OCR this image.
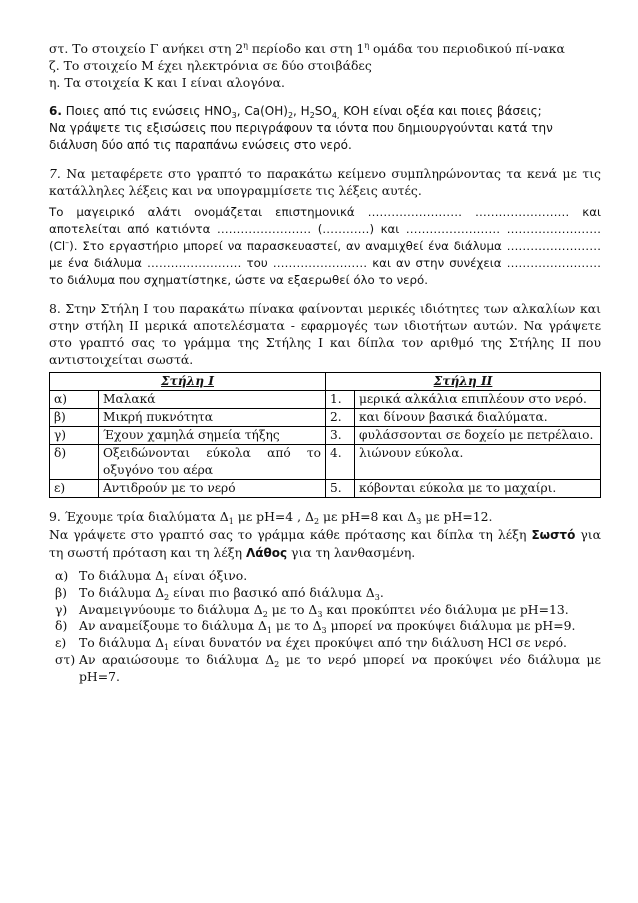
στ. Το στοιχείο Γ ανήκει στη $2^\eta$ περίοδο και στη $1^\eta$ ομάδα του περιοδικού πί-νακα

ζ. Το στοιχείο Μ έχει ηλεκτρόνια σε δύο στοιβάδες

η. Τα στοιχεία Κ και Ι είναι αλογόνα.

6. Ποιες από τις ενώσεις $HNO_3$, $Ca(OH)_2$, $H_2SO_{4,}$ KOH είναι οξέα και ποιες βάσεις;

Να γράψετε τις εξισώσεις που περιγράφουν τα ιόντα που δημιουργούνται κατά την διάλυση δύο από τις παραπάνω ενώσεις στο νερό.

7. Να μεταφέρετε στο γραπτό το παρακάτω κείμενο συμπληρώνοντας τα κενά με τις κατάλληλες λέξεις και να υπογραμμίσετε τις λέξεις αυτές.

Το μαγειρικό αλάτι ονομάζεται επιστημονικά …………………… …………………… και αποτελείται από κατιόντα …………………… (…………) και …………………… …………………… (Cl–). Στο εργαστήριο μπορεί να παρασκευαστεί, αν αναμιχθεί ένα διάλυμα …………………… με ένα διάλυμα …………………… του …………………… και αν στην συνέχεια …………………… το διάλυμα που σχηματίστηκε, ώστε να εξαερωθεί όλο το νερό.

8. Στην Στήλη Ι του παρακάτω πίνακα φαίνονται μερικές ιδιότητες των αλκαλίων και στην στήλη ΙΙ μερικά αποτελέσματα - εφαρμογές των ιδιοτήτων αυτών. Να γράψετε στο γραπτό σας το γράμμα της Στήλης Ι και δίπλα τον αριθμό της Στήλης ΙΙ που αντιστοιχείται σωστά.

Στήλη Ι		Στήλη ΙΙ	
α)	Μαλακά	1.	μερικά αλκάλια επιπλέουν στο νερό.
β)	Μικρή πυκνότητα	2.	και δίνουν βασικά διαλύματα.
γ)	Έχουν χαμηλά σημεία τήξης	3.	φυλάσσονται σε δοχείο με πετρέλαιο.
δ)	Οξειδώνονται εύκολα από το οξυγόνο του αέρα	4.	λιώνουν εύκολα.
ε)	Αντιδρούν με το νερό	5.	κόβονται εύκολα με το μαχαίρι.

9. Έχουμε τρία διαλύματα $\Delta_1$ με pH=4 , $\Delta_2$ με pH=8 και $\Delta_3$ με pH=12.

Να γράψετε στο γραπτό σας το γράμμα κάθε πρότασης και δίπλα τη λέξη Σωστό για τη σωστή πρόταση και τη λέξη Λάθος για τη λανθασμένη.

α) Το διάλυμα $\Delta_1$ είναι όξινο.
β) Το διάλυμα $\Delta_2$ είναι πιο βασικό από διάλυμα $\Delta_3$.
γ) Αναμειγνύουμε το διάλυμα $\Delta_2$ με το $\Delta_3$ και προκύπτει νέο διάλυμα με pH=13.
δ) Αν αναμείξουμε το διάλυμα $\Delta_1$ με το $\Delta_3$ μπορεί να προκύψει διάλυμα με pH=9.
ε)	Το διάλυμα $\Delta_1$ είναι δυνατόν να έχει προκύψει από την διάλυση HCl σε νερό.
στ) Αν αραιώσουμε το διάλυμα $\Delta_2$ με το νερό μπορεί να προκύψει νέο διάλυμα με pH=7.
